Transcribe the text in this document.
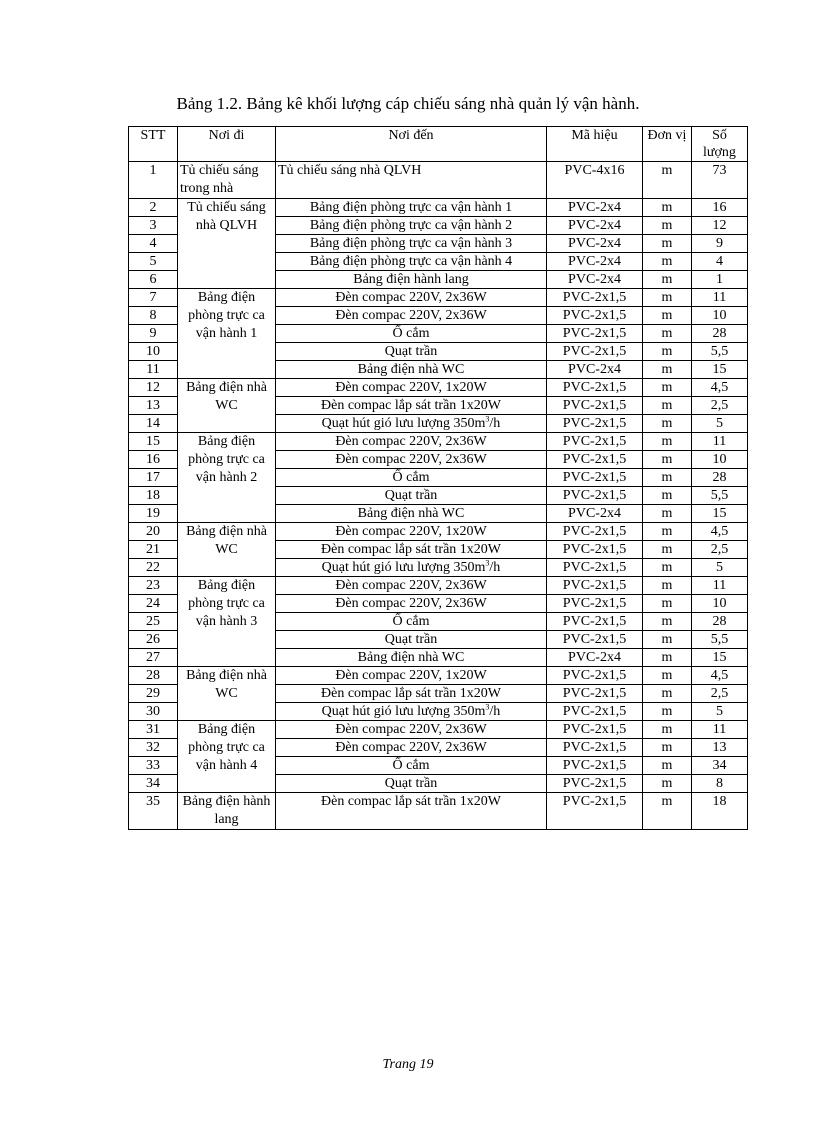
Bảng 1.2. Bảng kê khối lượng cáp chiếu sáng nhà quản lý vận hành.
STT	Nơi đi	Nơi đến	Mã hiệu	Đơn vị	Số lượng
1	Tủ chiếu sáng trong nhà	Tủ chiếu sáng nhà QLVH	PVC-4x16	m	73
2	Tủ chiếu sáng nhà QLVH	Bảng điện phòng trực ca vận hành 1	PVC-2x4	m	16
3		Bảng điện phòng trực ca vận hành 2	PVC-2x4	m	12
4		Bảng điện phòng trực ca vận hành 3	PVC-2x4	m	9
5		Bảng điện phòng trực ca vận hành 4	PVC-2x4	m	4
6		Bảng điện hành lang	PVC-2x4	m	1
7	Bảng điện phòng trực ca vận hành 1	Đèn compac 220V, 2x36W	PVC-2x1,5	m	11
8		Đèn compac 220V, 2x36W	PVC-2x1,5	m	10
9		Ổ cắm	PVC-2x1,5	m	28
10		Quạt trần	PVC-2x1,5	m	5,5
11		Bảng điện nhà WC	PVC-2x4	m	15
12	Bảng điện nhà WC	Đèn compac 220V, 1x20W	PVC-2x1,5	m	4,5
13		Đèn compac lắp sát trần 1x20W	PVC-2x1,5	m	2,5
14		Quạt hút gió lưu lượng $350m^3/h$	PVC-2x1,5	m	5
15	Bảng điện phòng trực ca vận hành 2	Đèn compac 220V, 2x36W	PVC-2x1,5	m	11
16		Đèn compac 220V, 2x36W	PVC-2x1,5	m	10
17		Ổ cắm	PVC-2x1,5	m	28
18		Quạt trần	PVC-2x1,5	m	5,5
19		Bảng điện nhà WC	PVC-2x4	m	15
20	Bảng điện nhà WC	Đèn compac 220V, 1x20W	PVC-2x1,5	m	4,5
21		Đèn compac lắp sát trần 1x20W	PVC-2x1,5	m	2,5
22		Quạt hút gió lưu lượng $350m^3/h$	PVC-2x1,5	m	5
23	Bảng điện phòng trực ca vận hành 3	Đèn compac 220V, 2x36W	PVC-2x1,5	m	11
24		Đèn compac 220V, 2x36W	PVC-2x1,5	m	10
25		Ổ cắm	PVC-2x1,5	m	28
26		Quạt trần	PVC-2x1,5	m	5,5
27		Bảng điện nhà WC	PVC-2x4	m	15
28	Bảng điện nhà WC	Đèn compac 220V, 1x20W	PVC-2x1,5	m	4,5
29		Đèn compac lắp sát trần 1x20W	PVC-2x1,5	m	2,5
30		Quạt hút gió lưu lượng $350m^3/h$	PVC-2x1,5	m	5
31	Bảng điện phòng trực ca vận hành 4	Đèn compac 220V, 2x36W	PVC-2x1,5	m	11
32		Đèn compac 220V, 2x36W	PVC-2x1,5	m	13
33		Ổ cắm	PVC-2x1,5	m	34
34		Quạt trần	PVC-2x1,5	m	8
35	Bảng điện hành lang	Đèn compac lắp sát trần 1x20W	PVC-2x1,5	m	18
Trang 19
